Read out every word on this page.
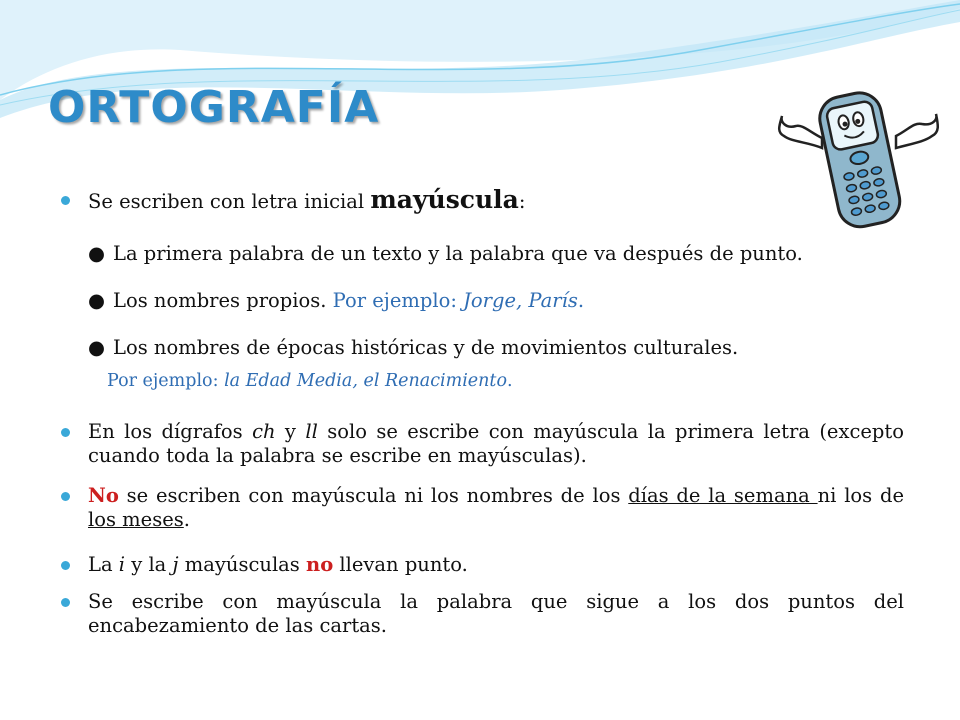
ORTOGRAFÍA
Se escriben con letra inicial mayúscula:
● La primera palabra de un texto y la palabra que va después de punto.
● Los nombres propios. Por ejemplo: Jorge, París.
● Los nombres de épocas históricas y de movimientos culturales.
Por ejemplo: la Edad Media, el Renacimiento.
En los dígrafos ch y ll solo se escribe con mayúscula la primera letra (excepto cuando toda la palabra se escribe en mayúsculas).
No se escriben con mayúscula ni los nombres de los días de la semana ni los de los meses.
La i y la j mayúsculas no llevan punto.
Se escribe con mayúscula la palabra que sigue a los dos puntos del encabezamiento de las cartas.
